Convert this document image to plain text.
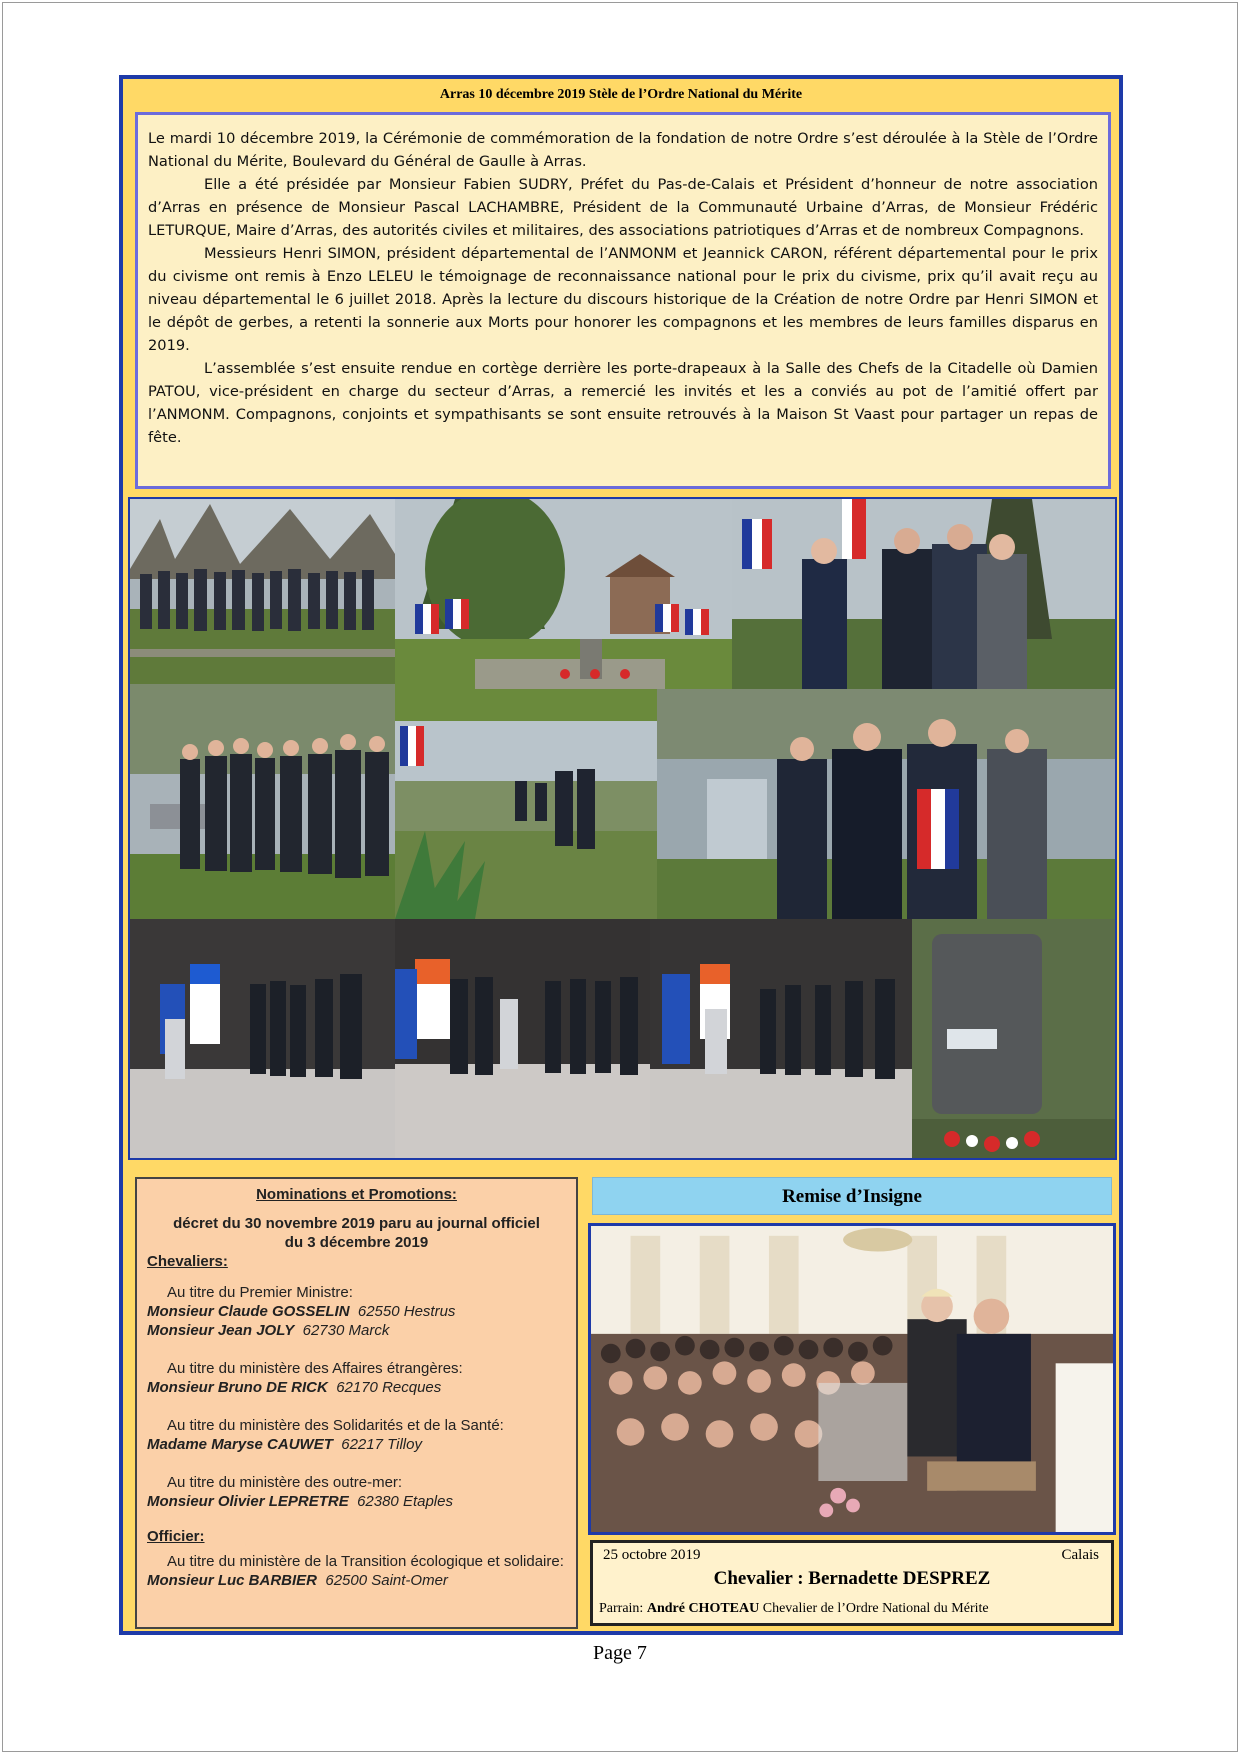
Arras 10 décembre 2019 Stèle de l’Ordre National du Mérite

Le mardi 10 décembre 2019, la Cérémonie de commémoration de la fondation de notre Ordre s’est déroulée à la Stèle de l’Ordre National du Mérite, Boulevard du Général de Gaulle à Arras.

Elle a été présidée par Monsieur Fabien SUDRY, Préfet du Pas-de-Calais et Président d’honneur de notre association d’Arras en présence de Monsieur Pascal LACHAMBRE, Président de la Communauté Urbaine d’Arras, de Monsieur Frédéric LETURQUE, Maire d’Arras, des autorités civiles et militaires, des associations patriotiques d’Arras et de nombreux Compagnons.

Messieurs Henri SIMON, président départemental de l’ANMONM et Jeannick CARON, référent départemental pour le prix du civisme ont remis à Enzo LELEU le témoignage de reconnaissance national pour le prix du civisme, prix qu’il avait reçu au niveau départemental le 6 juillet 2018. Après la lecture du discours historique de la Création de notre Ordre par Henri SIMON et le dépôt de gerbes, a retenti la sonnerie aux Morts pour honorer les compagnons et les membres de leurs familles disparus en 2019.

L’assemblée s’est ensuite rendue en cortège derrière les porte-drapeaux à la Salle des Chefs de la Citadelle où Damien PATOU, vice-président en charge du secteur d’Arras, a remercié les invités et les a conviés au pot de l’amitié offert par l’ANMONM. Compagnons, conjoints et sympathisants se sont ensuite retrouvés à la Maison St Vaast pour partager un repas de fête.

Nominations et Promotions:
décret du 30 novembre 2019 paru au journal officiel
du 3 décembre 2019
Chevaliers:
Au titre du Premier Ministre:
Monsieur Claude GOSSELIN 62550 Hestrus
Monsieur Jean JOLY 62730 Marck
Au titre du ministère des Affaires étrangères:
Monsieur Bruno DE RICK 62170 Recques
Au titre du ministère des Solidarités et de la Santé:
Madame Maryse CAUWET 62217 Tilloy
Au titre du ministère des outre-mer:
Monsieur Olivier LEPRETRE 62380 Etaples
Officier:
Au titre du ministère de la Transition écologique et solidaire:
Monsieur Luc BARBIER 62500 Saint-Omer
Remise d’Insigne
25 octobre 2019	Calais
Chevalier : Bernadette DESPREZ
Parrain: André CHOTEAU Chevalier de l’Ordre National du Mérite
Page 7
